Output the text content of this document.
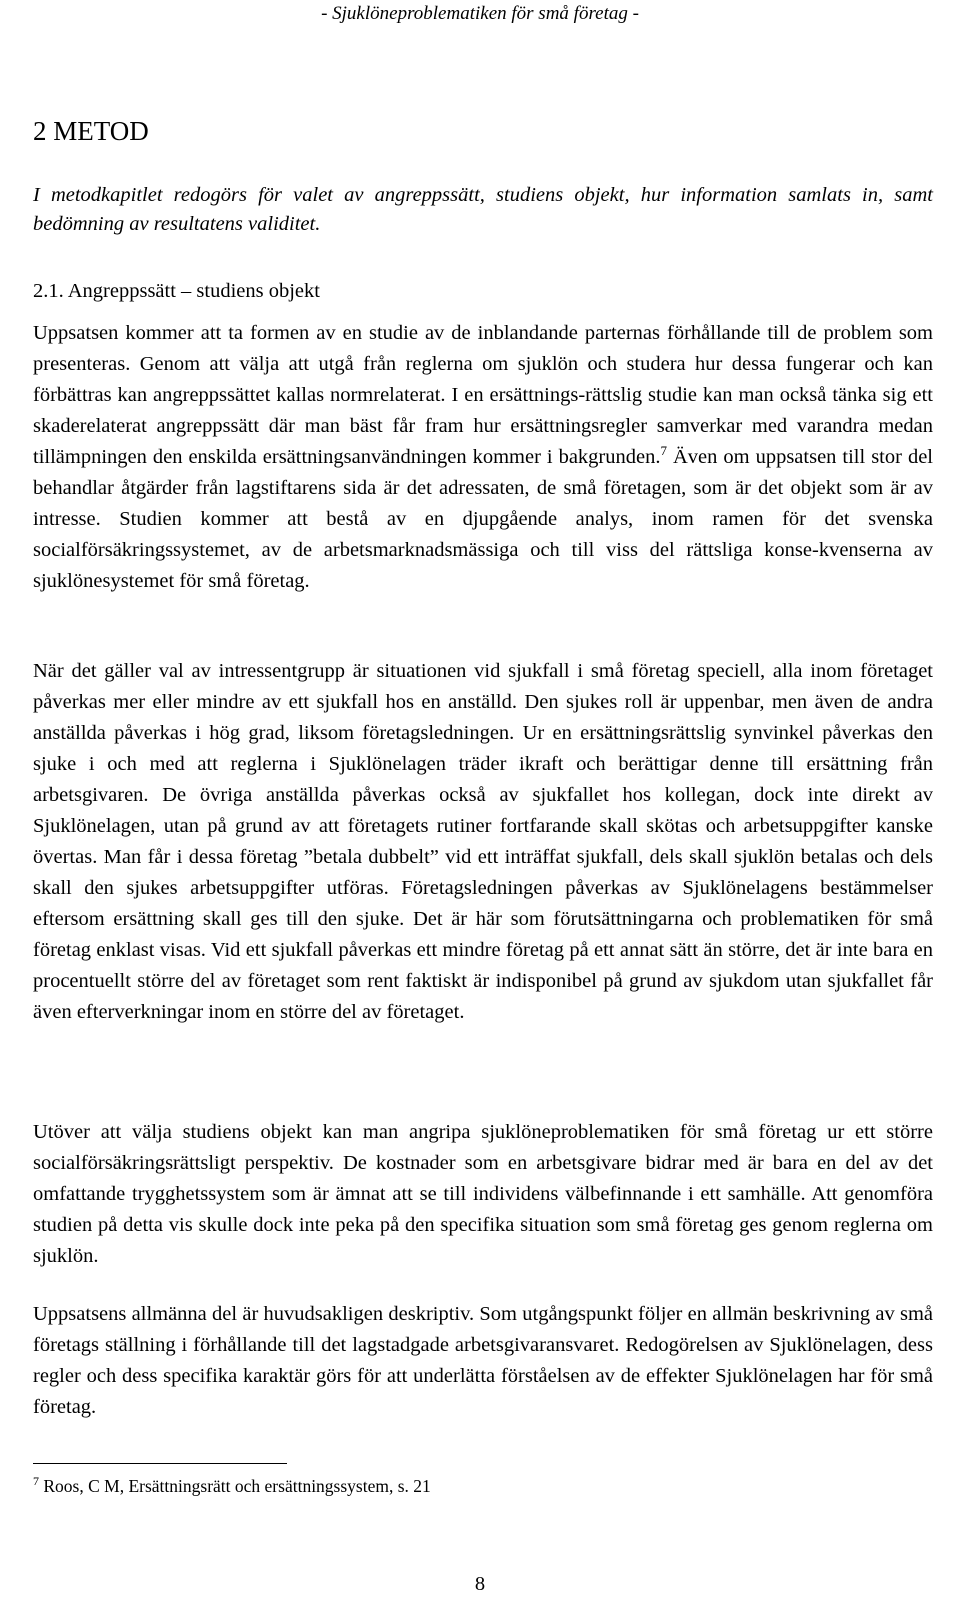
- Sjuklöneproblematiken för små företag -
2 METOD

I metodkapitlet redogörs för valet av angreppssätt, studiens objekt, hur information samlats in, samt bedömning av resultatens validitet.

2.1. Angreppssätt – studiens objekt

Uppsatsen kommer att ta formen av en studie av de inblandande parternas förhållande till de problem som presenteras. Genom att välja att utgå från reglerna om sjuklön och studera hur dessa fungerar och kan förbättras kan angreppssättet kallas normrelaterat. I en ersättnings-rättslig studie kan man också tänka sig ett skaderelaterat angreppssätt där man bäst får fram hur ersättningsregler samverkar med varandra medan tillämpningen den enskilda ersättningsanvändningen kommer i bakgrunden.$^7$ Även om uppsatsen till stor del behandlar åtgärder från lagstiftarens sida är det adressaten, de små företagen, som är det objekt som är av intresse. Studien kommer att bestå av en djupgående analys, inom ramen för det svenska socialförsäkringssystemet, av de arbetsmarknadsmässiga och till viss del rättsliga konse-kvenserna av sjuklönesystemet för små företag.

När det gäller val av intressentgrupp är situationen vid sjukfall i små företag speciell, alla inom företaget påverkas mer eller mindre av ett sjukfall hos en anställd. Den sjukes roll är uppenbar, men även de andra anställda påverkas i hög grad, liksom företagsledningen. Ur en ersättningsrättslig synvinkel påverkas den sjuke i och med att reglerna i Sjuklönelagen träder ikraft och berättigar denne till ersättning från arbetsgivaren. De övriga anställda påverkas också av sjukfallet hos kollegan, dock inte direkt av Sjuklönelagen, utan på grund av att företagets rutiner fortfarande skall skötas och arbetsuppgifter kanske övertas. Man får i dessa företag ”betala dubbelt” vid ett inträffat sjukfall, dels skall sjuklön betalas och dels skall den sjukes arbetsuppgifter utföras. Företagsledningen påverkas av Sjuklönelagens bestämmelser eftersom ersättning skall ges till den sjuke. Det är här som förutsättningarna och problematiken för små företag enklast visas. Vid ett sjukfall påverkas ett mindre företag på ett annat sätt än större, det är inte bara en procentuellt större del av företaget som rent faktiskt är indisponibel på grund av sjukdom utan sjukfallet får även efterverkningar inom en större del av företaget.

Utöver att välja studiens objekt kan man angripa sjuklöneproblematiken för små företag ur ett större socialförsäkringsrättsligt perspektiv. De kostnader som en arbetsgivare bidrar med är bara en del av det omfattande trygghetssystem som är ämnat att se till individens välbefinnande i ett samhälle. Att genomföra studien på detta vis skulle dock inte peka på den specifika situation som små företag ges genom reglerna om sjuklön.

Uppsatsens allmänna del är huvudsakligen deskriptiv. Som utgångspunkt följer en allmän beskrivning av små företags ställning i förhållande till det lagstadgade arbetsgivaransvaret. Redogörelsen av Sjuklönelagen, dess regler och dess specifika karaktär görs för att underlätta förståelsen av de effekter Sjuklönelagen har för små företag.

$^7$ Roos, C M, Ersättningsrätt och ersättningssystem, s. 21

8
